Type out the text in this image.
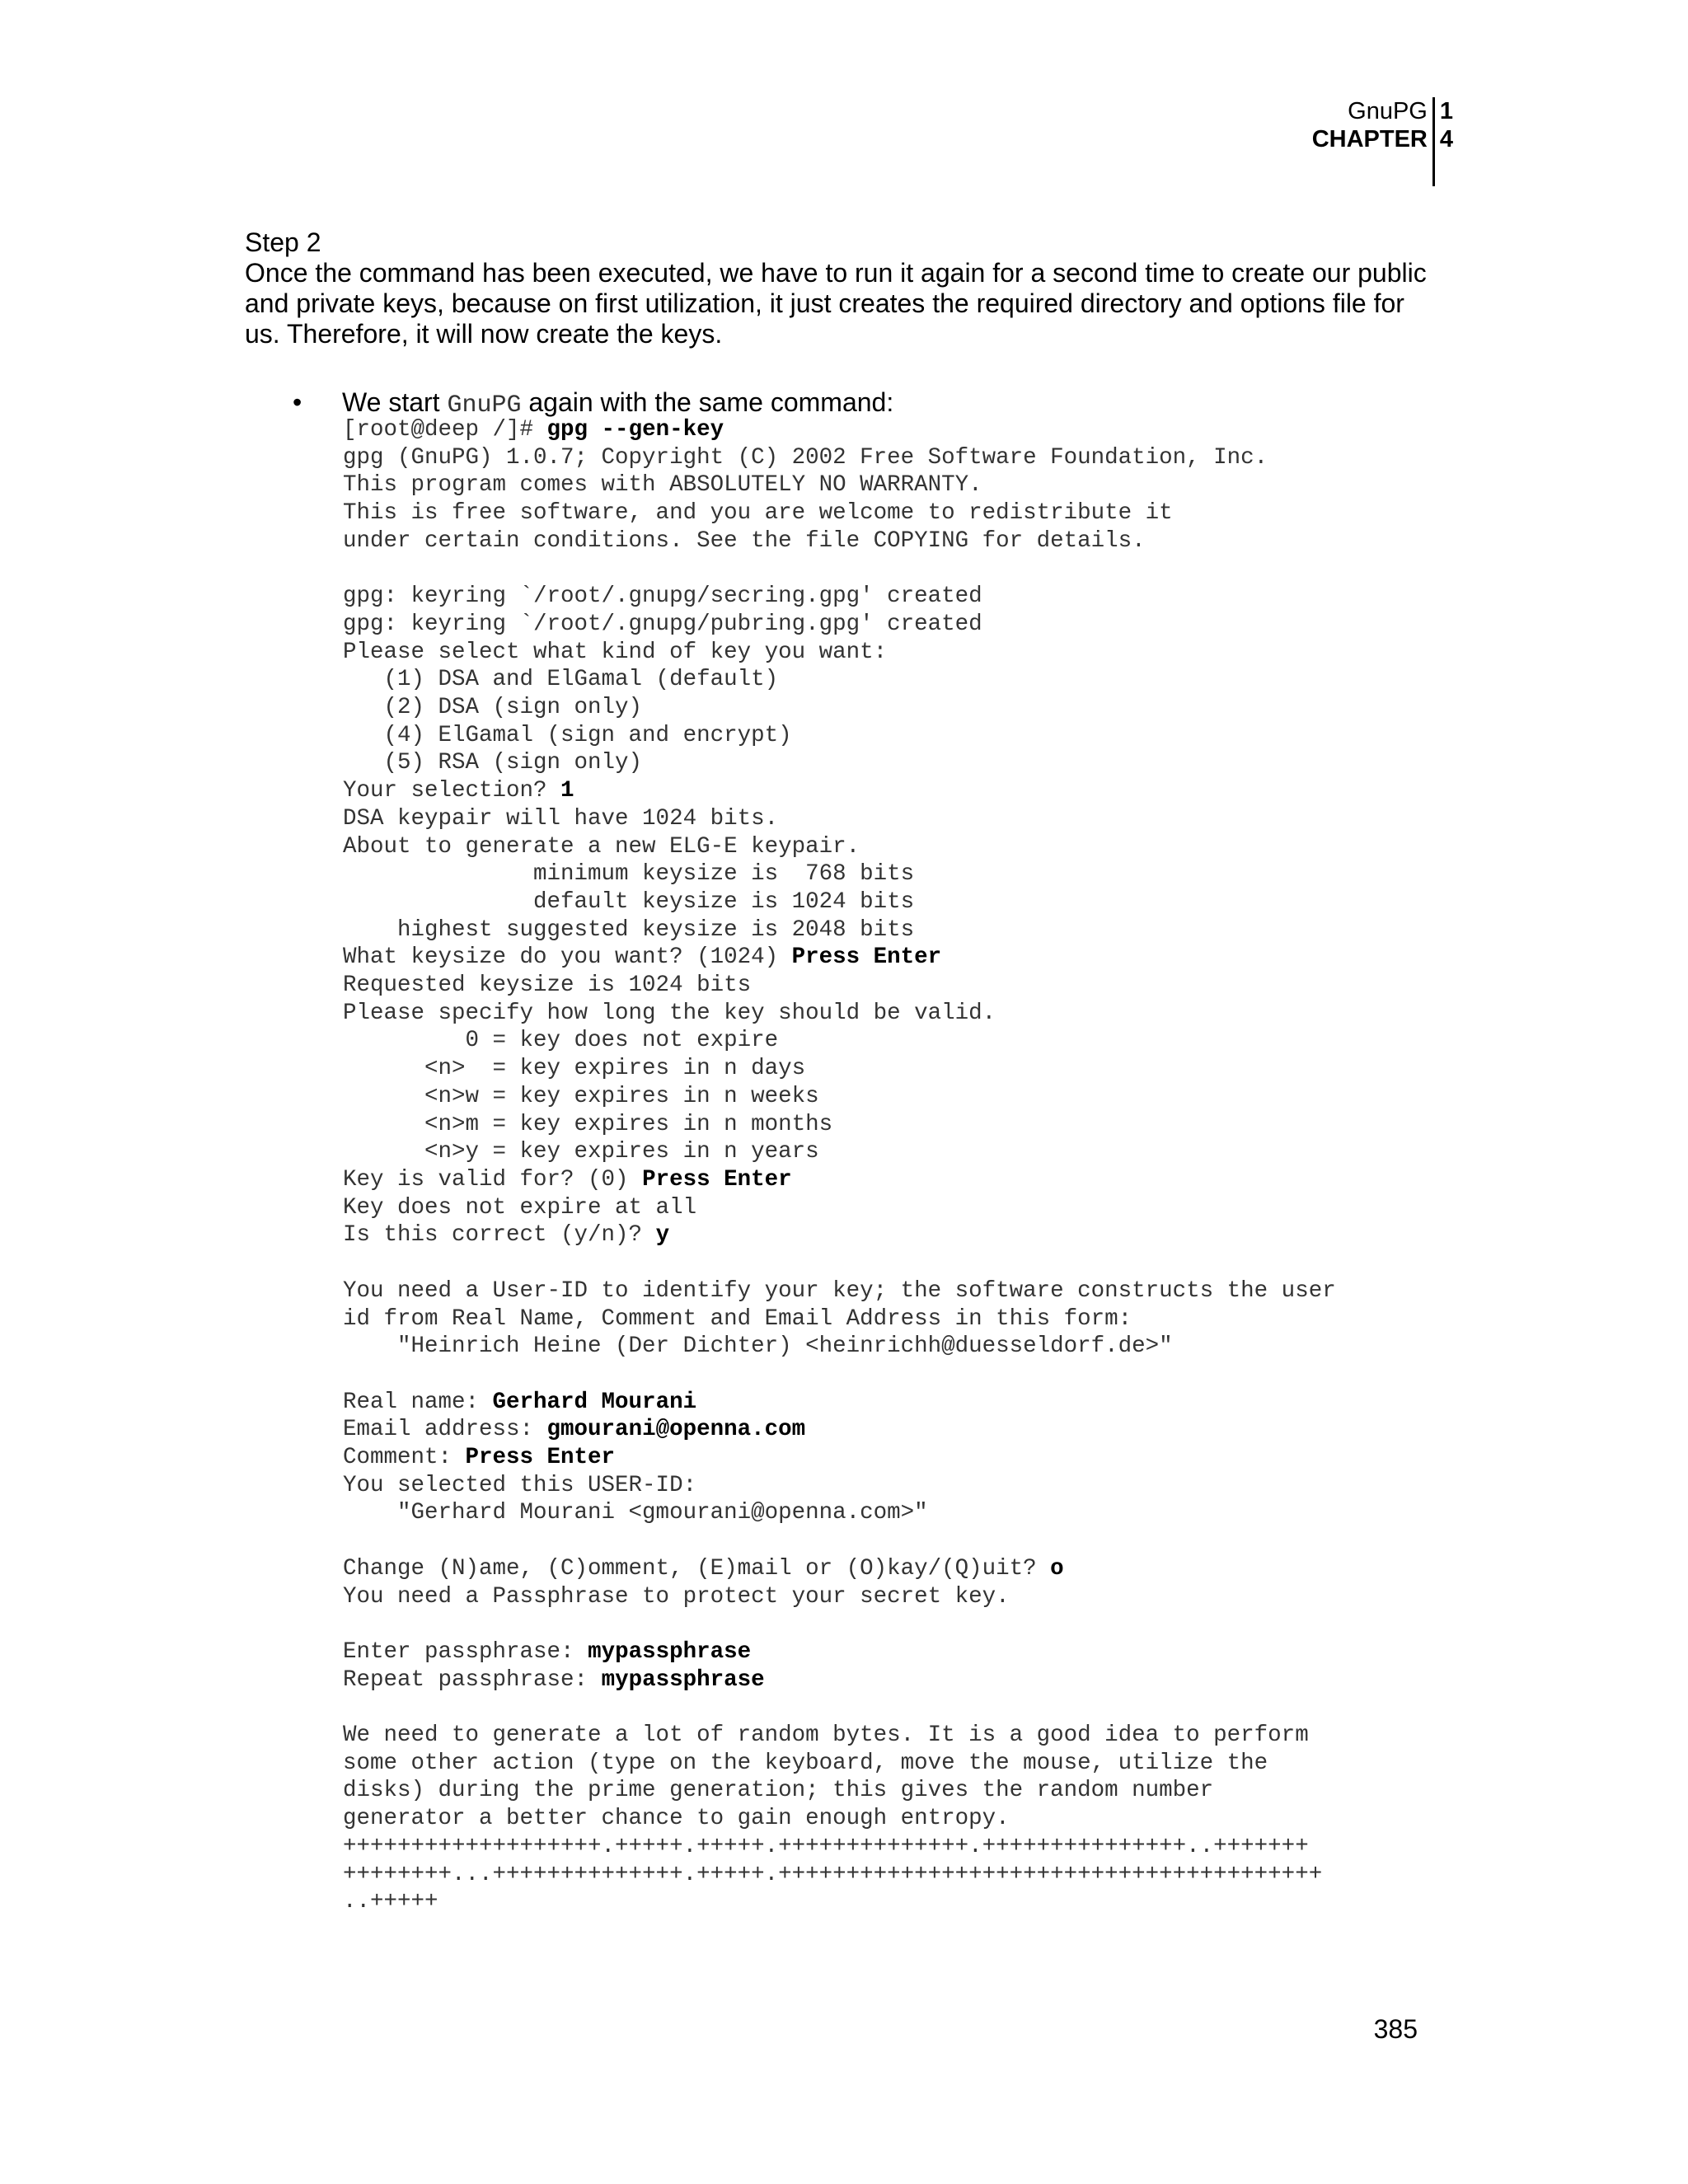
GnuPG
CHAPTER
1
4

Step 2

Once the command has been executed, we have to run it again for a second time to create our public and private keys, because on first utilization, it just creates the required directory and options file for us. Therefore, it will now create the keys.

•	We start GnuPG again with the same command:
[root@deep /]# gpg --gen-key
gpg (GnuPG) 1.0.7; Copyright (C) 2002 Free Software Foundation, Inc.
This program comes with ABSOLUTELY NO WARRANTY.
This is free software, and you are welcome to redistribute it
under certain conditions. See the file COPYING for details.

gpg: keyring `/root/.gnupg/secring.gpg' created
gpg: keyring `/root/.gnupg/pubring.gpg' created
Please select what kind of key you want:
(1) DSA and ElGamal (default)
(2) DSA (sign only)
(4) ElGamal (sign and encrypt)
(5) RSA (sign only)
Your selection? 1
DSA keypair will have 1024 bits.
About to generate a new ELG-E keypair.
minimum keysize is  768 bits
default keysize is 1024 bits
highest suggested keysize is 2048 bits
What keysize do you want? (1024) Press Enter
Requested keysize is 1024 bits
Please specify how long the key should be valid.
0 = key does not expire
<n>  = key expires in n days
<n>w = key expires in n weeks
<n>m = key expires in n months
<n>y = key expires in n years
Key is valid for? (0) Press Enter
Key does not expire at all
Is this correct (y/n)? y

You need a User-ID to identify your key; the software constructs the user
id from Real Name, Comment and Email Address in this form:
"Heinrich Heine (Der Dichter) <heinrichh@duesseldorf.de>"

Real name: Gerhard Mourani
Email address: gmourani@openna.com
Comment: Press Enter
You selected this USER-ID:
"Gerhard Mourani <gmourani@openna.com>"

Change (N)ame, (C)omment, (E)mail or (O)kay/(Q)uit? o
You need a Passphrase to protect your secret key.

Enter passphrase: mypassphrase
Repeat passphrase: mypassphrase

We need to generate a lot of random bytes. It is a good idea to perform
some other action (type on the keyboard, move the mouse, utilize the
disks) during the prime generation; this gives the random number
generator a better chance to gain enough entropy.
+++++++++++++++++++.+++++.+++++.++++++++++++++.+++++++++++++++..+++++++
++++++++...++++++++++++++.+++++.++++++++++++++++++++++++++++++++++++++++
..+++++
385
